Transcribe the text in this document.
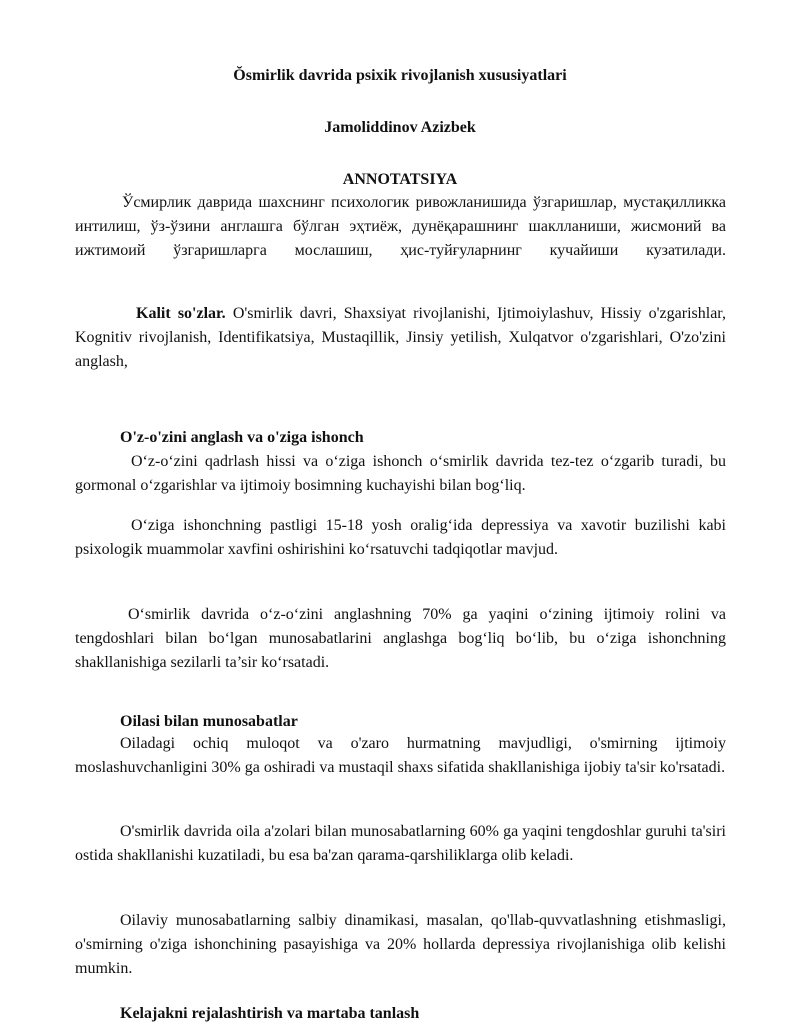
Ŏsmirlik davrida psixik rivojlanish xususiyatlari
Jamoliddinov Azizbek
ANNOTATSIYA

Ўсмирлик даврида шахснинг психологик ривожланишида ўзгаришлар, мустақилликка интилиш, ўз-ўзини англашга бўлган эҳтиёж, дунёқарашнинг шаклланиши, жисмоний ва ижтимоий ўзгаришларга мослашиш, ҳис-туйғуларнинг кучайиши кузатилади.

Kalit so'zlar. O'smirlik davri, Shaxsiyat rivojlanishi, Ijtimoiylashuv, Hissiy o'zgarishlar, Kognitiv rivojlanish, Identifikatsiya, Mustaqillik, Jinsiy yetilish, Xulqatvor o'zgarishlari, O'zo'zini anglash,

O'z-o'zini anglash va o'ziga ishonch

O‘z-o‘zini qadrlash hissi va o‘ziga ishonch o‘smirlik davrida tez-tez o‘zgarib turadi, bu gormonal o‘zgarishlar va ijtimoiy bosimning kuchayishi bilan bog‘liq.

O‘ziga ishonchning pastligi 15-18 yosh oralig‘ida depressiya va xavotir buzilishi kabi psixologik muammolar xavfini oshirishini ko‘rsatuvchi tadqiqotlar mavjud.

O‘smirlik davrida o‘z-o‘zini anglashning 70% ga yaqini o‘zining ijtimoiy rolini va tengdoshlari bilan bo‘lgan munosabatlarini anglashga bog‘liq bo‘lib, bu o‘ziga ishonchning shakllanishiga sezilarli ta’sir ko‘rsatadi.

Oilasi bilan munosabatlar

Oiladagi ochiq muloqot va o'zaro hurmatning mavjudligi, o'smirning ijtimoiy moslashuvchanligini 30% ga oshiradi va mustaqil shaxs sifatida shakllanishiga ijobiy ta'sir ko'rsatadi.

O'smirlik davrida oila a'zolari bilan munosabatlarning 60% ga yaqini tengdoshlar guruhi ta'siri ostida shakllanishi kuzatiladi, bu esa ba'zan qarama-qarshiliklarga olib keladi.

Oilaviy munosabatlarning salbiy dinamikasi, masalan, qo'llab-quvvatlashning etishmasligi, o'smirning o'ziga ishonchining pasayishiga va 20% hollarda depressiya rivojlanishiga olib kelishi mumkin.

Kelajakni rejalashtirish va martaba tanlash
